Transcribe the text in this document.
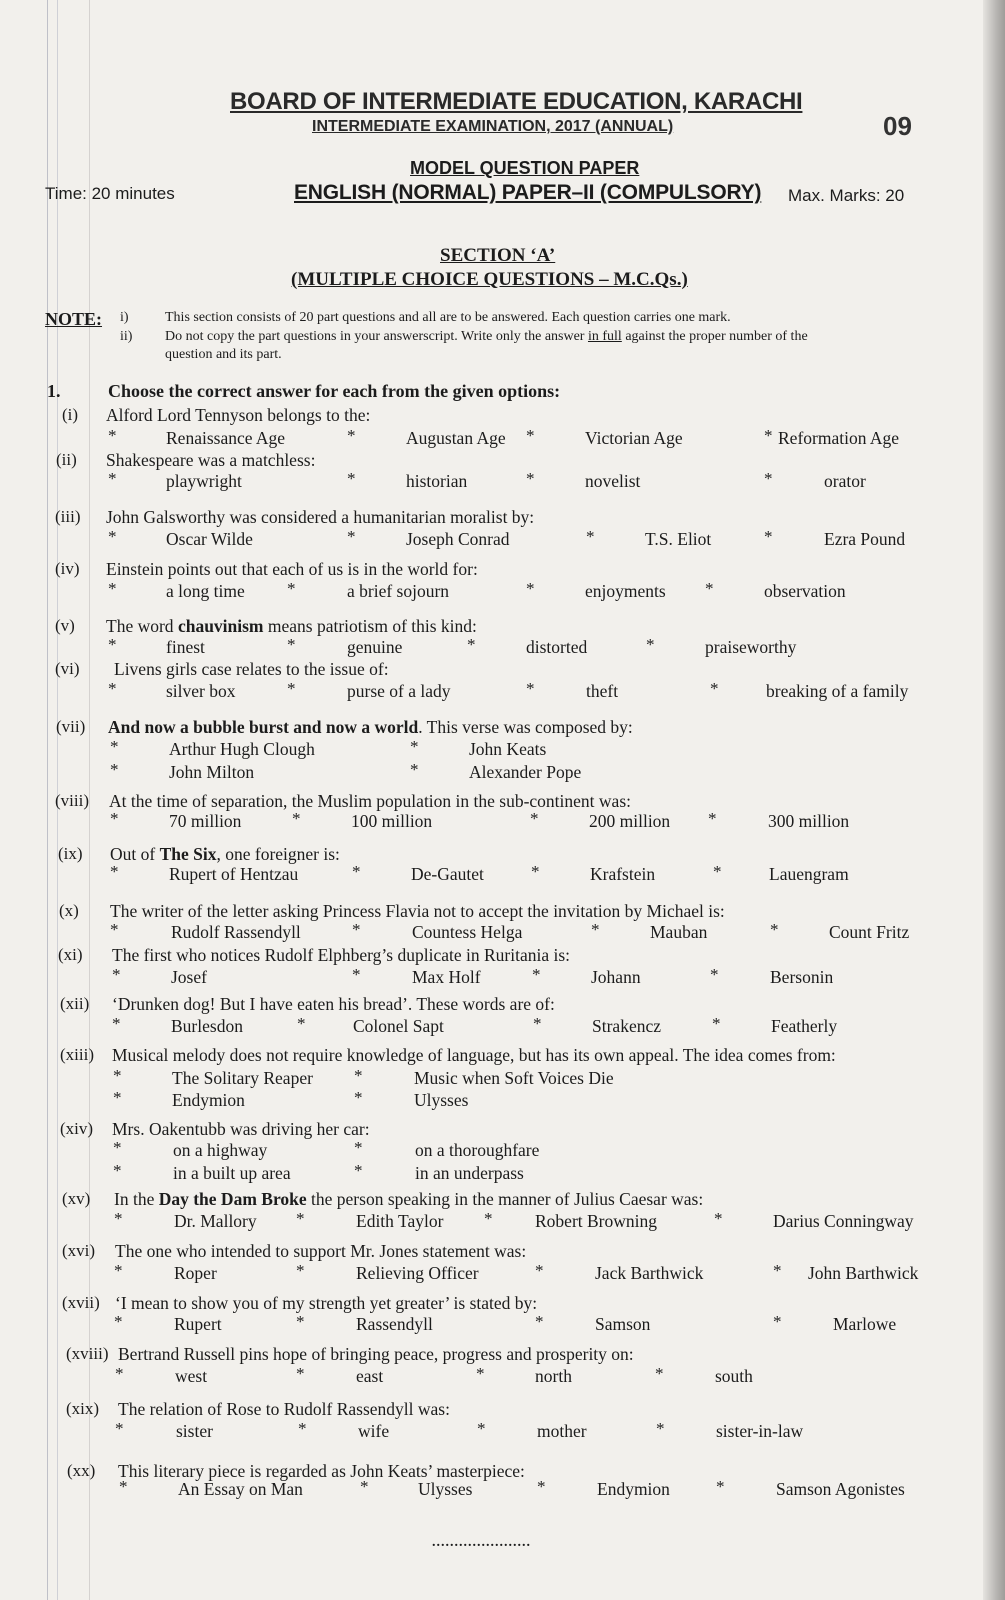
BOARD OF INTERMEDIATE EDUCATION, KARACHI
INTERMEDIATE EXAMINATION, 2017 (ANNUAL)	09
MODEL QUESTION PAPER
ENGLISH (NORMAL) PAPER–II (COMPULSORY)
Time: 20 minutes	Max. Marks: 20
SECTION ‘A’
(MULTIPLE CHOICE QUESTIONS – M.C.Qs.)
NOTE: i)	This section consists of 20 part questions and all are to be answered. Each question carries one mark.
ii) Do not copy the part questions in your answerscript. Write only the answer in full against the proper number of the
question and its part.
1.	Choose the correct answer for each from the given options:
(i) Alford Lord Tennyson belongs to the:
*	Renaissance Age	*	Augustan Age *	Victorian Age	* Reformation Age
(ii) Shakespeare was a matchless:
*	playwright	*	historian	*	novelist	*	orator
(iii) John Galsworthy was considered a humanitarian moralist by:
*	Oscar Wilde	*	Joseph Conrad	*	T.S. Eliot	*	Ezra Pound
(iv) Einstein points out that each of us is in the world for:
*	a long time *	a brief sojourn	*	enjoyments *	observation
(v) The word chauvinism means patriotism of this kind:
*	finest	*	genuine	*	distorted	*	praiseworthy
(vi) Livens girls case relates to the issue of:
*	silver box	*	purse of a lady	*	theft	*	breaking of a family
(vii) And now a bubble burst and now a world. This verse was composed by:
*	Arthur Hugh Clough	*	John Keats
*	John Milton	*	Alexander Pope
(viii) At the time of separation, the Muslim population in the sub-continent was:
*	70 million	*	100 million	*	200 million *	300 million
(ix) Out of The Six, one foreigner is:
*	Rupert of Hentzau	*	De-Gautet	*	Krafstein	*	Lauengram
(x) The writer of the letter asking Princess Flavia not to accept the invitation by Michael is:
*	Rudolf Rassendyll	*	Countess Helga	*	Mauban	*	Count Fritz
(xi) The first who notices Rudolf Elphberg’s duplicate in Ruritania is:
*	Josef	*	Max Holf	*	Johann	*	Bersonin
(xii) ‘Drunken dog! But I have eaten his bread’. These words are of:
*	Burlesdon	*	Colonel Sapt	*	Strakencz	*	Featherly
(xiii) Musical melody does not require knowledge of language, but has its own appeal. The idea comes from:
*	The Solitary Reaper *	Music when Soft Voices Die
*	Endymion	*	Ulysses
(xiv) Mrs. Oakentubb was driving her car:
*	on a highway	*	on a thoroughfare
*	in a built up area	*	in an underpass
(xv) In the Day the Dam Broke the person speaking in the manner of Julius Caesar was:
*	Dr. Mallory *	Edith Taylor * Robert Browning	*	Darius Conningway
(xvi) The one who intended to support Mr. Jones statement was:
*	Roper	*	Relieving Officer	*	Jack Barthwick	* John Barthwick
(xvii) ‘I mean to show you of my strength yet greater’ is stated by:
*	Rupert	*	Rassendyll	*	Samson	*	Marlowe
(xviii) Bertrand Russell pins hope of bringing peace, progress and prosperity on:
*	west	*	east	*	north	*	south
(xix) The relation of Rose to Rudolf Rassendyll was:
*	sister	*	wife	*	mother	*	sister-in-law
(xx) This literary piece is regarded as John Keats’ masterpiece:
*	An Essay on Man	*	Ulysses	*	Endymion	*	Samson Agonistes
......................
